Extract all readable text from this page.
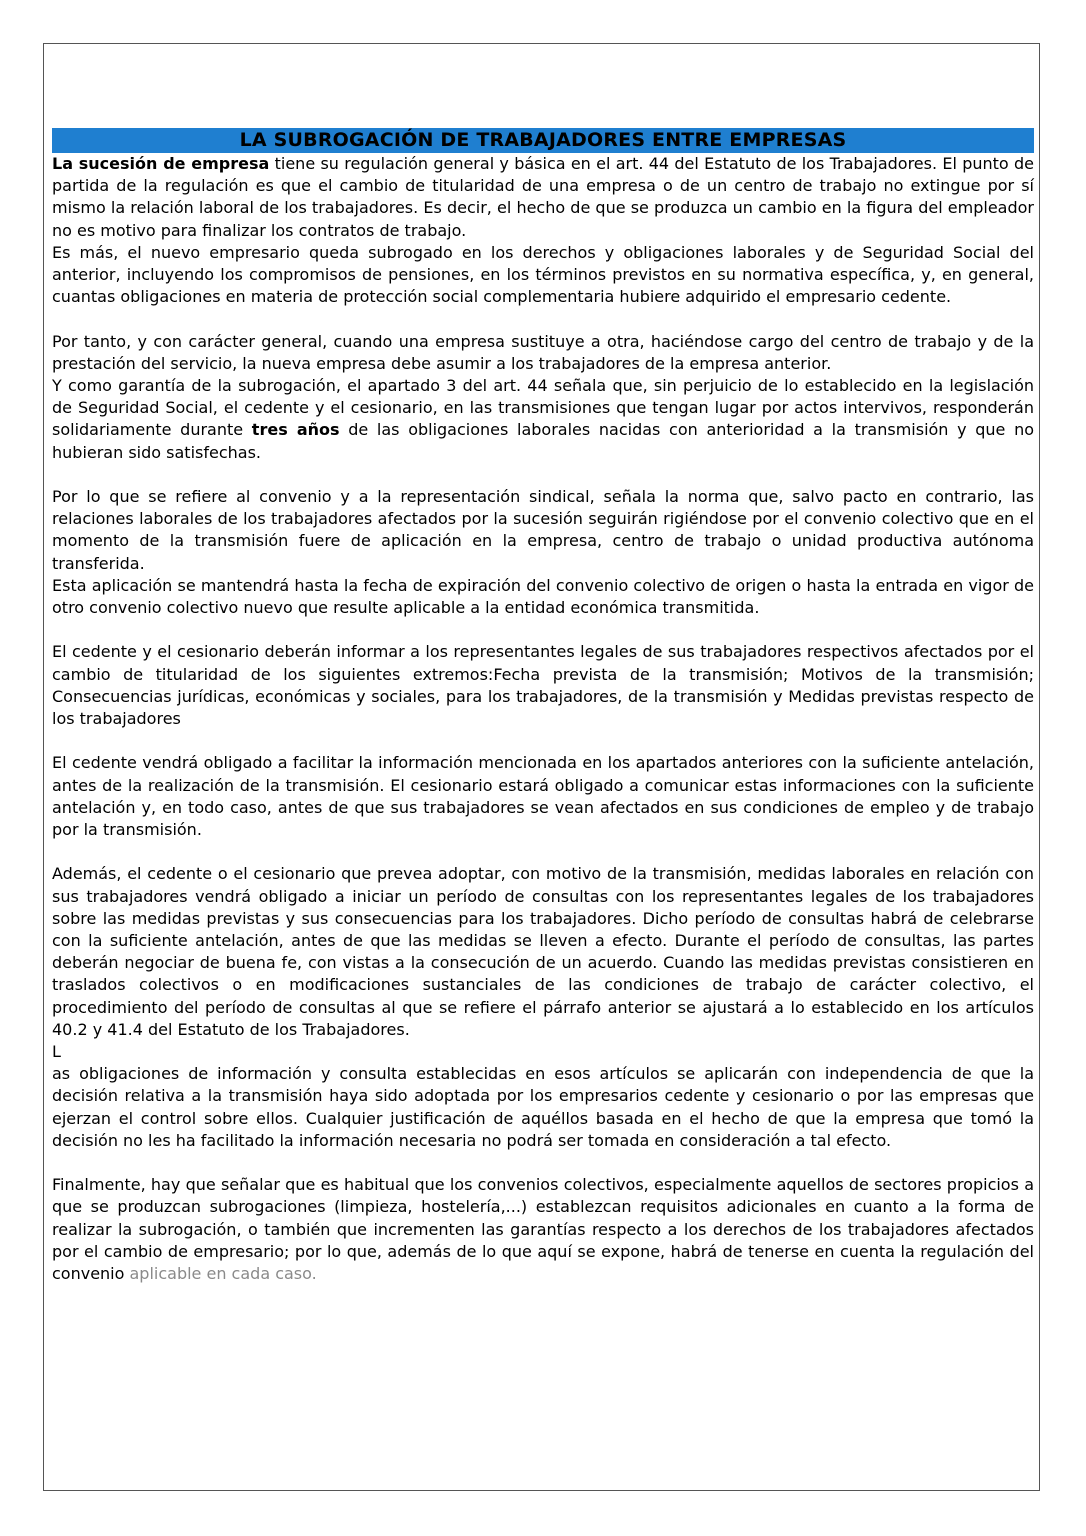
LA SUBROGACIÓN DE TRABAJADORES ENTRE EMPRESAS

La sucesión de empresa tiene su regulación general y básica en el art. 44 del Estatuto de los Trabajadores. El punto de partida de la regulación es que el cambio de titularidad de una empresa o de un centro de trabajo no extingue por sí mismo la relación laboral de los trabajadores. Es decir, el hecho de que se produzca un cambio en la figura del empleador no es motivo para finalizar los contratos de trabajo.

Es más, el nuevo empresario queda subrogado en los derechos y obligaciones laborales y de Seguridad Social del anterior, incluyendo los compromisos de pensiones, en los términos previstos en su normativa específica, y, en general, cuantas obligaciones en materia de protección social complementaria hubiere adquirido el empresario cedente.

Por tanto, y con carácter general, cuando una empresa sustituye a otra, haciéndose cargo del centro de trabajo y de la prestación del servicio, la nueva empresa debe asumir a los trabajadores de la empresa anterior.

Y como garantía de la subrogación, el apartado 3 del art. 44 señala que, sin perjuicio de lo establecido en la legislación de Seguridad Social, el cedente y el cesionario, en las transmisiones que tengan lugar por actos intervivos, responderán solidariamente durante tres años de las obligaciones laborales nacidas con anterioridad a la transmisión y que no hubieran sido satisfechas.

Por lo que se refiere al convenio y a la representación sindical, señala la norma que, salvo pacto en contrario, las relaciones laborales de los trabajadores afectados por la sucesión seguirán rigiéndose por el convenio colectivo que en el momento de la transmisión fuere de aplicación en la empresa, centro de trabajo o unidad productiva autónoma transferida.

Esta aplicación se mantendrá hasta la fecha de expiración del convenio colectivo de origen o hasta la entrada en vigor de otro convenio colectivo nuevo que resulte aplicable a la entidad económica transmitida.

El cedente y el cesionario deberán informar a los representantes legales de sus trabajadores respectivos afectados por el cambio de titularidad de los siguientes extremos:Fecha prevista de la transmisión; Motivos de la transmisión; Consecuencias jurídicas, económicas y sociales, para los trabajadores, de la transmisión y Medidas previstas respecto de los trabajadores

El cedente vendrá obligado a facilitar la información mencionada en los apartados anteriores con la suficiente antelación, antes de la realización de la transmisión. El cesionario estará obligado a comunicar estas informaciones con la suficiente antelación y, en todo caso, antes de que sus trabajadores se vean afectados en sus condiciones de empleo y de trabajo por la transmisión.

Además, el cedente o el cesionario que prevea adoptar, con motivo de la transmisión, medidas laborales en relación con sus trabajadores vendrá obligado a iniciar un período de consultas con los representantes legales de los trabajadores sobre las medidas previstas y sus consecuencias para los trabajadores. Dicho período de consultas habrá de celebrarse con la suficiente antelación, antes de que las medidas se lleven a efecto. Durante el período de consultas, las partes deberán negociar de buena fe, con vistas a la consecución de un acuerdo. Cuando las medidas previstas consistieren en traslados colectivos o en modificaciones sustanciales de las condiciones de trabajo de carácter colectivo, el procedimiento del período de consultas al que se refiere el párrafo anterior se ajustará a lo establecido en los artículos 40.2 y 41.4 del Estatuto de los Trabajadores.

L

as obligaciones de información y consulta establecidas en esos artículos se aplicarán con independencia de que la decisión relativa a la transmisión haya sido adoptada por los empresarios cedente y cesionario o por las empresas que ejerzan el control sobre ellos. Cualquier justificación de aquéllos basada en el hecho de que la empresa que tomó la decisión no les ha facilitado la información necesaria no podrá ser tomada en consideración a tal efecto.

Finalmente, hay que señalar que es habitual que los convenios colectivos, especialmente aquellos de sectores propicios a que se produzcan subrogaciones (limpieza, hostelería,...) establezcan requisitos adicionales en cuanto a la forma de realizar la subrogación, o también que incrementen las garantías respecto a los derechos de los trabajadores afectados por el cambio de empresario; por lo que, además de lo que aquí se expone, habrá de tenerse en cuenta la regulación del convenio aplicable en cada caso.
